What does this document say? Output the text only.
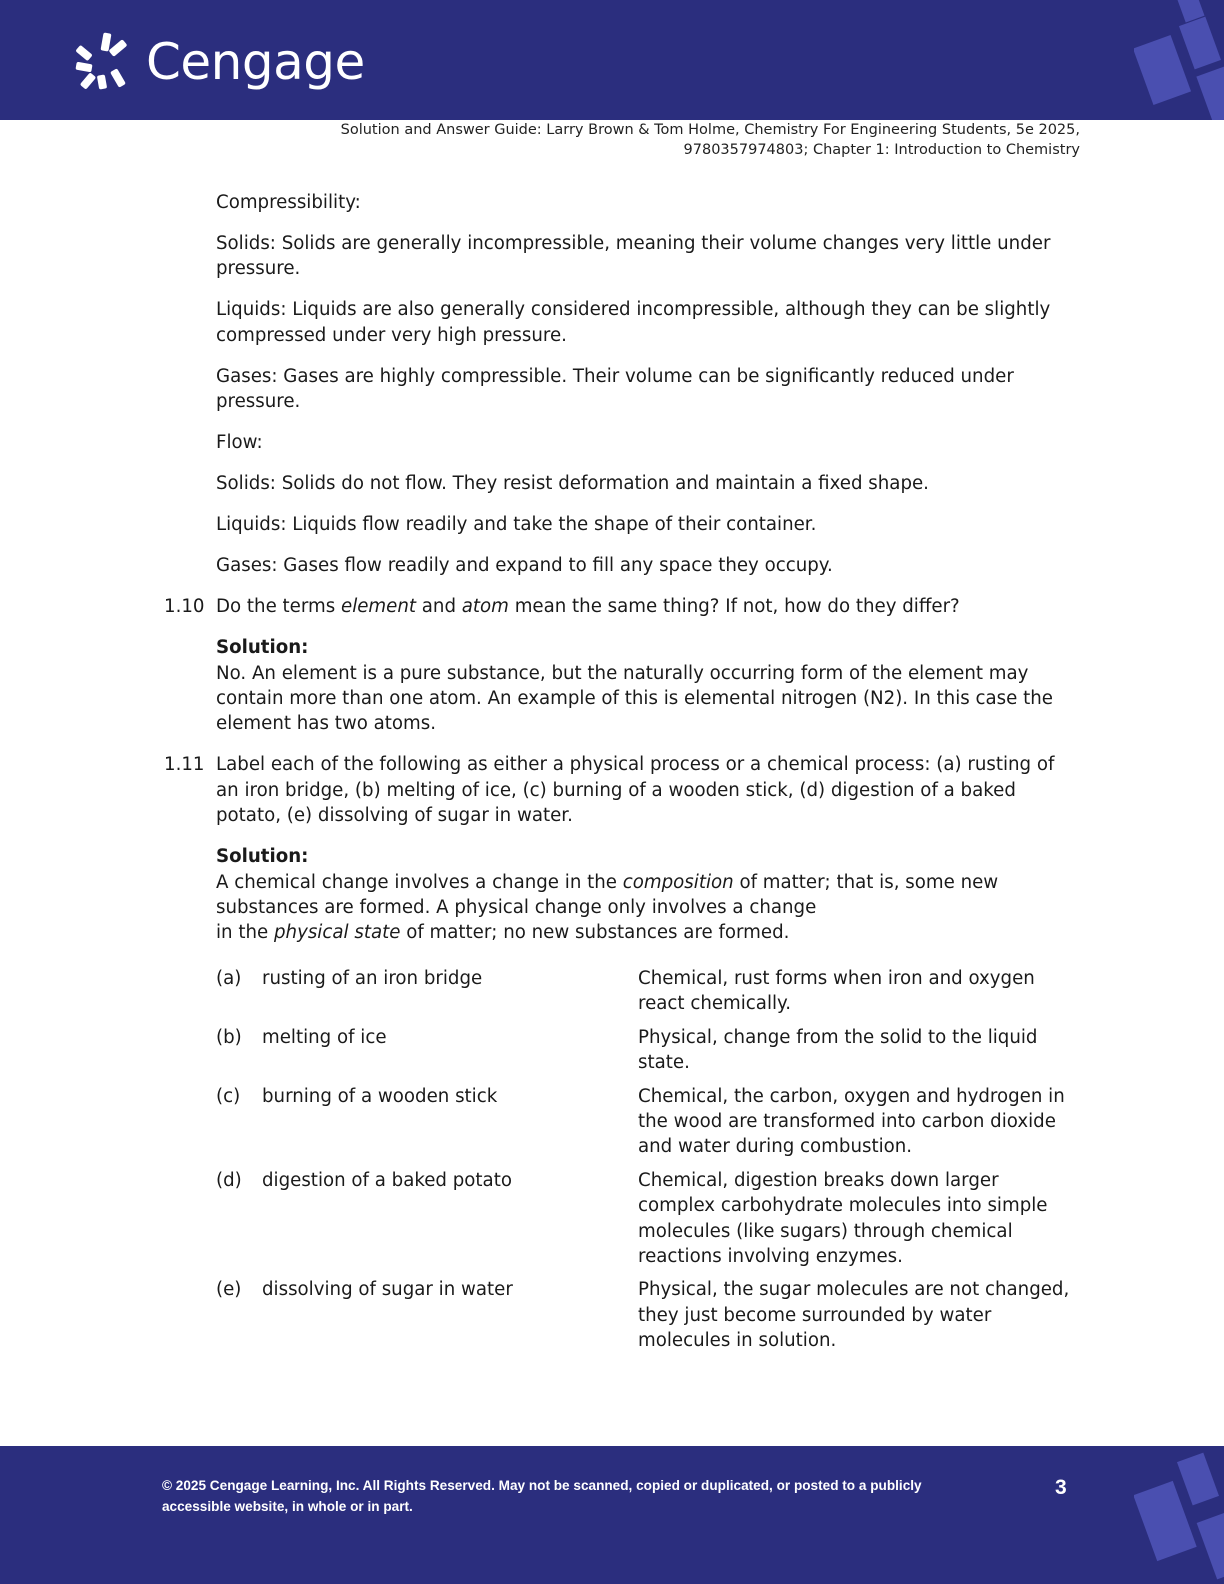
Cengage
Solution and Answer Guide: Larry Brown & Tom Holme, Chemistry For Engineering Students, 5e 2025,
9780357974803; Chapter 1: Introduction to Chemistry
Compressibility:
Solids: Solids are generally incompressible, meaning their volume changes very little under pressure.
Liquids: Liquids are also generally considered incompressible, although they can be slightly compressed under very high pressure.
Gases: Gases are highly compressible. Their volume can be significantly reduced under pressure.
Flow:
Solids: Solids do not flow. They resist deformation and maintain a fixed shape.
Liquids: Liquids flow readily and take the shape of their container.
Gases: Gases flow readily and expand to fill any space they occupy.
1.10 Do the terms element and atom mean the same thing? If not, how do they differ?
Solution:
No. An element is a pure substance, but the naturally occurring form of the element may contain more than one atom. An example of this is elemental nitrogen (N2). In this case the element has two atoms.
1.11 Label each of the following as either a physical process or a chemical process: (a) rusting of an iron bridge, (b) melting of ice, (c) burning of a wooden stick, (d) digestion of a baked potato, (e) dissolving of sugar in water.
Solution:
A chemical change involves a change in the composition of matter; that is, some new substances are formed. A physical change only involves a change
in the physical state of matter; no new substances are formed.
(a)	rusting of an iron bridge	Chemical, rust forms when iron and oxygen react chemically.
(b)	melting of ice	Physical, change from the solid to the liquid state.
(c)	burning of a wooden stick	Chemical, the carbon, oxygen and hydrogen in the wood are transformed into carbon dioxide and water during combustion.
(d)	digestion of a baked potato	Chemical, digestion breaks down larger complex carbohydrate molecules into simple molecules (like sugars) through chemical reactions involving enzymes.
(e)	dissolving of sugar in water	Physical, the sugar molecules are not changed, they just become surrounded by water molecules in solution.
© 2025 Cengage Learning, Inc. All Rights Reserved. May not be scanned, copied or duplicated, or posted to a publicly
accessible website, in whole or in part.
3
